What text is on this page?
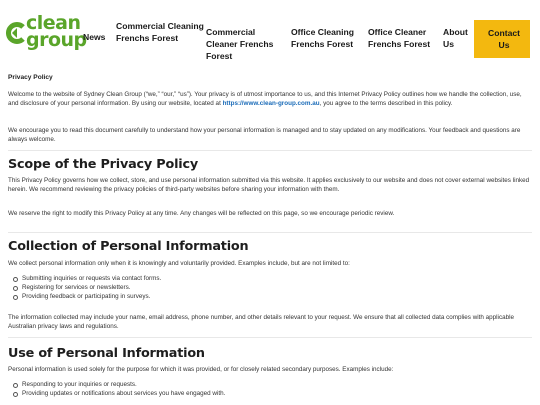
clean
group
News
Commercial Cleaning Frenchs Forest
Commercial Cleaner Frenchs Forest
Office Cleaning Frenchs Forest
Office Cleaner Frenchs Forest
About Us
Contact Us
Privacy Policy
Welcome to the website of Sydney Clean Group (“we,” “our,” “us”). Your privacy is of utmost importance to us, and this Internet Privacy Policy outlines how we handle the collection, use, and disclosure of your personal information. By using our website, located at https://www.clean-group.com.au, you agree to the terms described in this policy.
We encourage you to read this document carefully to understand how your personal information is managed and to stay updated on any modifications. Your feedback and questions are always welcome.
Scope of the Privacy Policy
This Privacy Policy governs how we collect, store, and use personal information submitted via this website. It applies exclusively to our website and does not cover external websites linked herein. We recommend reviewing the privacy policies of third-party websites before sharing your information with them.
We reserve the right to modify this Privacy Policy at any time. Any changes will be reflected on this page, so we encourage periodic review.
Collection of Personal Information
We collect personal information only when it is knowingly and voluntarily provided. Examples include, but are not limited to:
Submitting inquiries or requests via contact forms.
Registering for services or newsletters.
Providing feedback or participating in surveys.
The information collected may include your name, email address, phone number, and other details relevant to your request. We ensure that all collected data complies with applicable Australian privacy laws and regulations.
Use of Personal Information
Personal information is used solely for the purpose for which it was provided, or for closely related secondary purposes. Examples include:
Responding to your inquiries or requests.
Providing updates or notifications about services you have engaged with.
